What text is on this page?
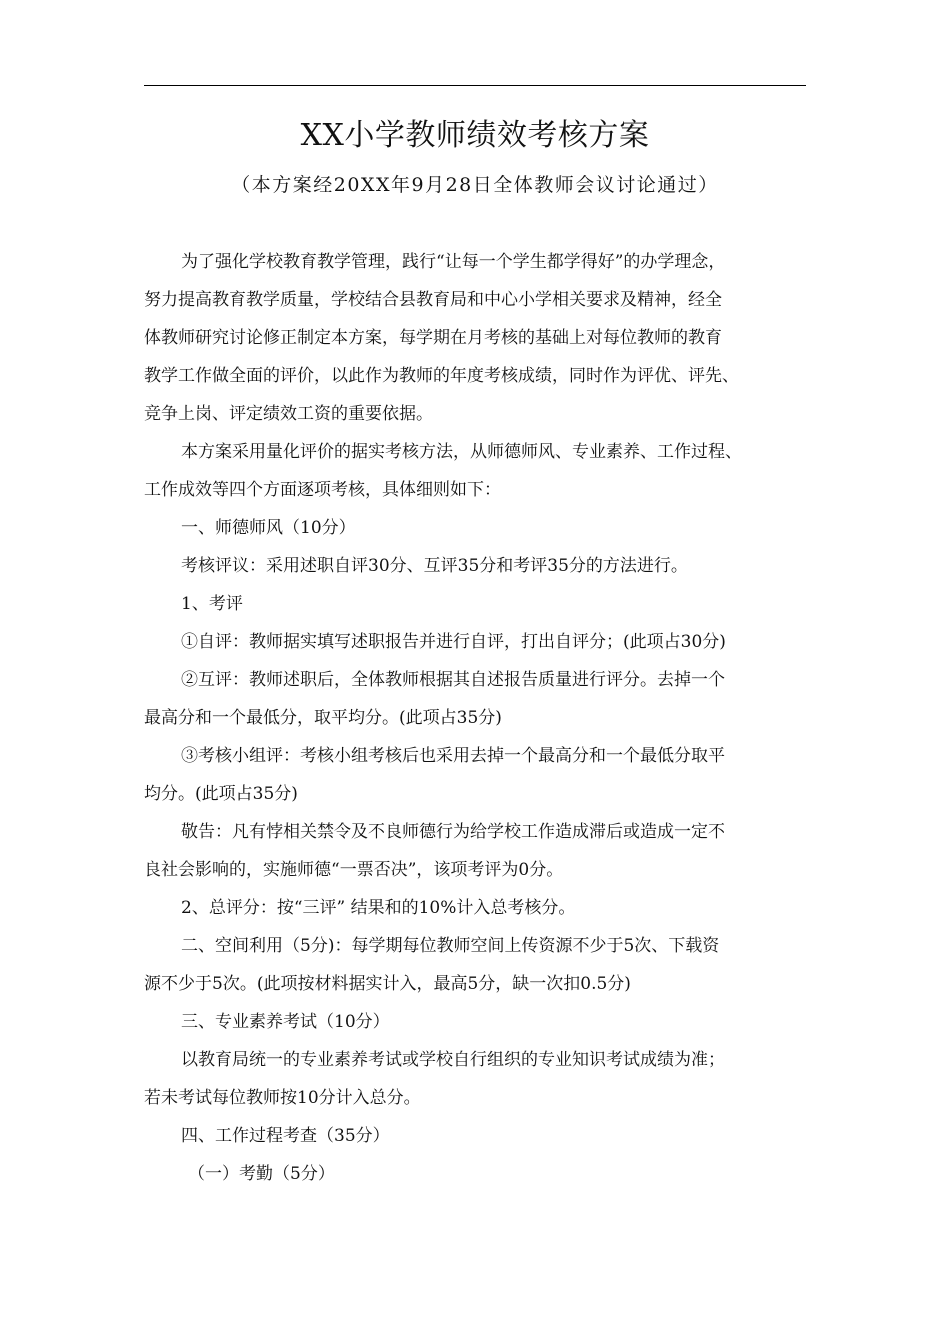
XX小学教师绩效考核方案
（本方案经20XX年9月28日全体教师会议讨论通过）

为了强化学校教育教学管理，践行“让每一个学生都学得好”的办学理念，
努力提高教育教学质量，学校结合县教育局和中心小学相关要求及精神，经全
体教师研究讨论修正制定本方案，每学期在月考核的基础上对每位教师的教育
教学工作做全面的评价，以此作为教师的年度考核成绩，同时作为评优、评先、
竞争上岗、评定绩效工资的重要依据。

本方案采用量化评价的据实考核方法，从师德师风、专业素养、工作过程、
工作成效等四个方面逐项考核，具体细则如下：

一、师德师风（10分）

考核评议：采用述职自评30分、互评35分和考评35分的方法进行。

1、考评

①自评：教师据实填写述职报告并进行自评，打出自评分；(此项占30分)

②互评：教师述职后，全体教师根据其自述报告质量进行评分。去掉一个
最高分和一个最低分，取平均分。(此项占35分)

③考核小组评：考核小组考核后也采用去掉一个最高分和一个最低分取平
均分。(此项占35分)

敬告：凡有悖相关禁令及不良师德行为给学校工作造成滞后或造成一定不
良社会影响的，实施师德“一票否决”，该项考评为0分。

2、总评分：按“三评” 结果和的10%计入总考核分。

二、空间利用（5分)：每学期每位教师空间上传资源不少于5次、下载资
源不少于5次。(此项按材料据实计入，最高5分，缺一次扣0.5分)

三、专业素养考试（10分）

以教育局统一的专业素养考试或学校自行组织的专业知识考试成绩为准；
若未考试每位教师按10分计入总分。

四、工作过程考查（35分）

（一）考勤（5分）
